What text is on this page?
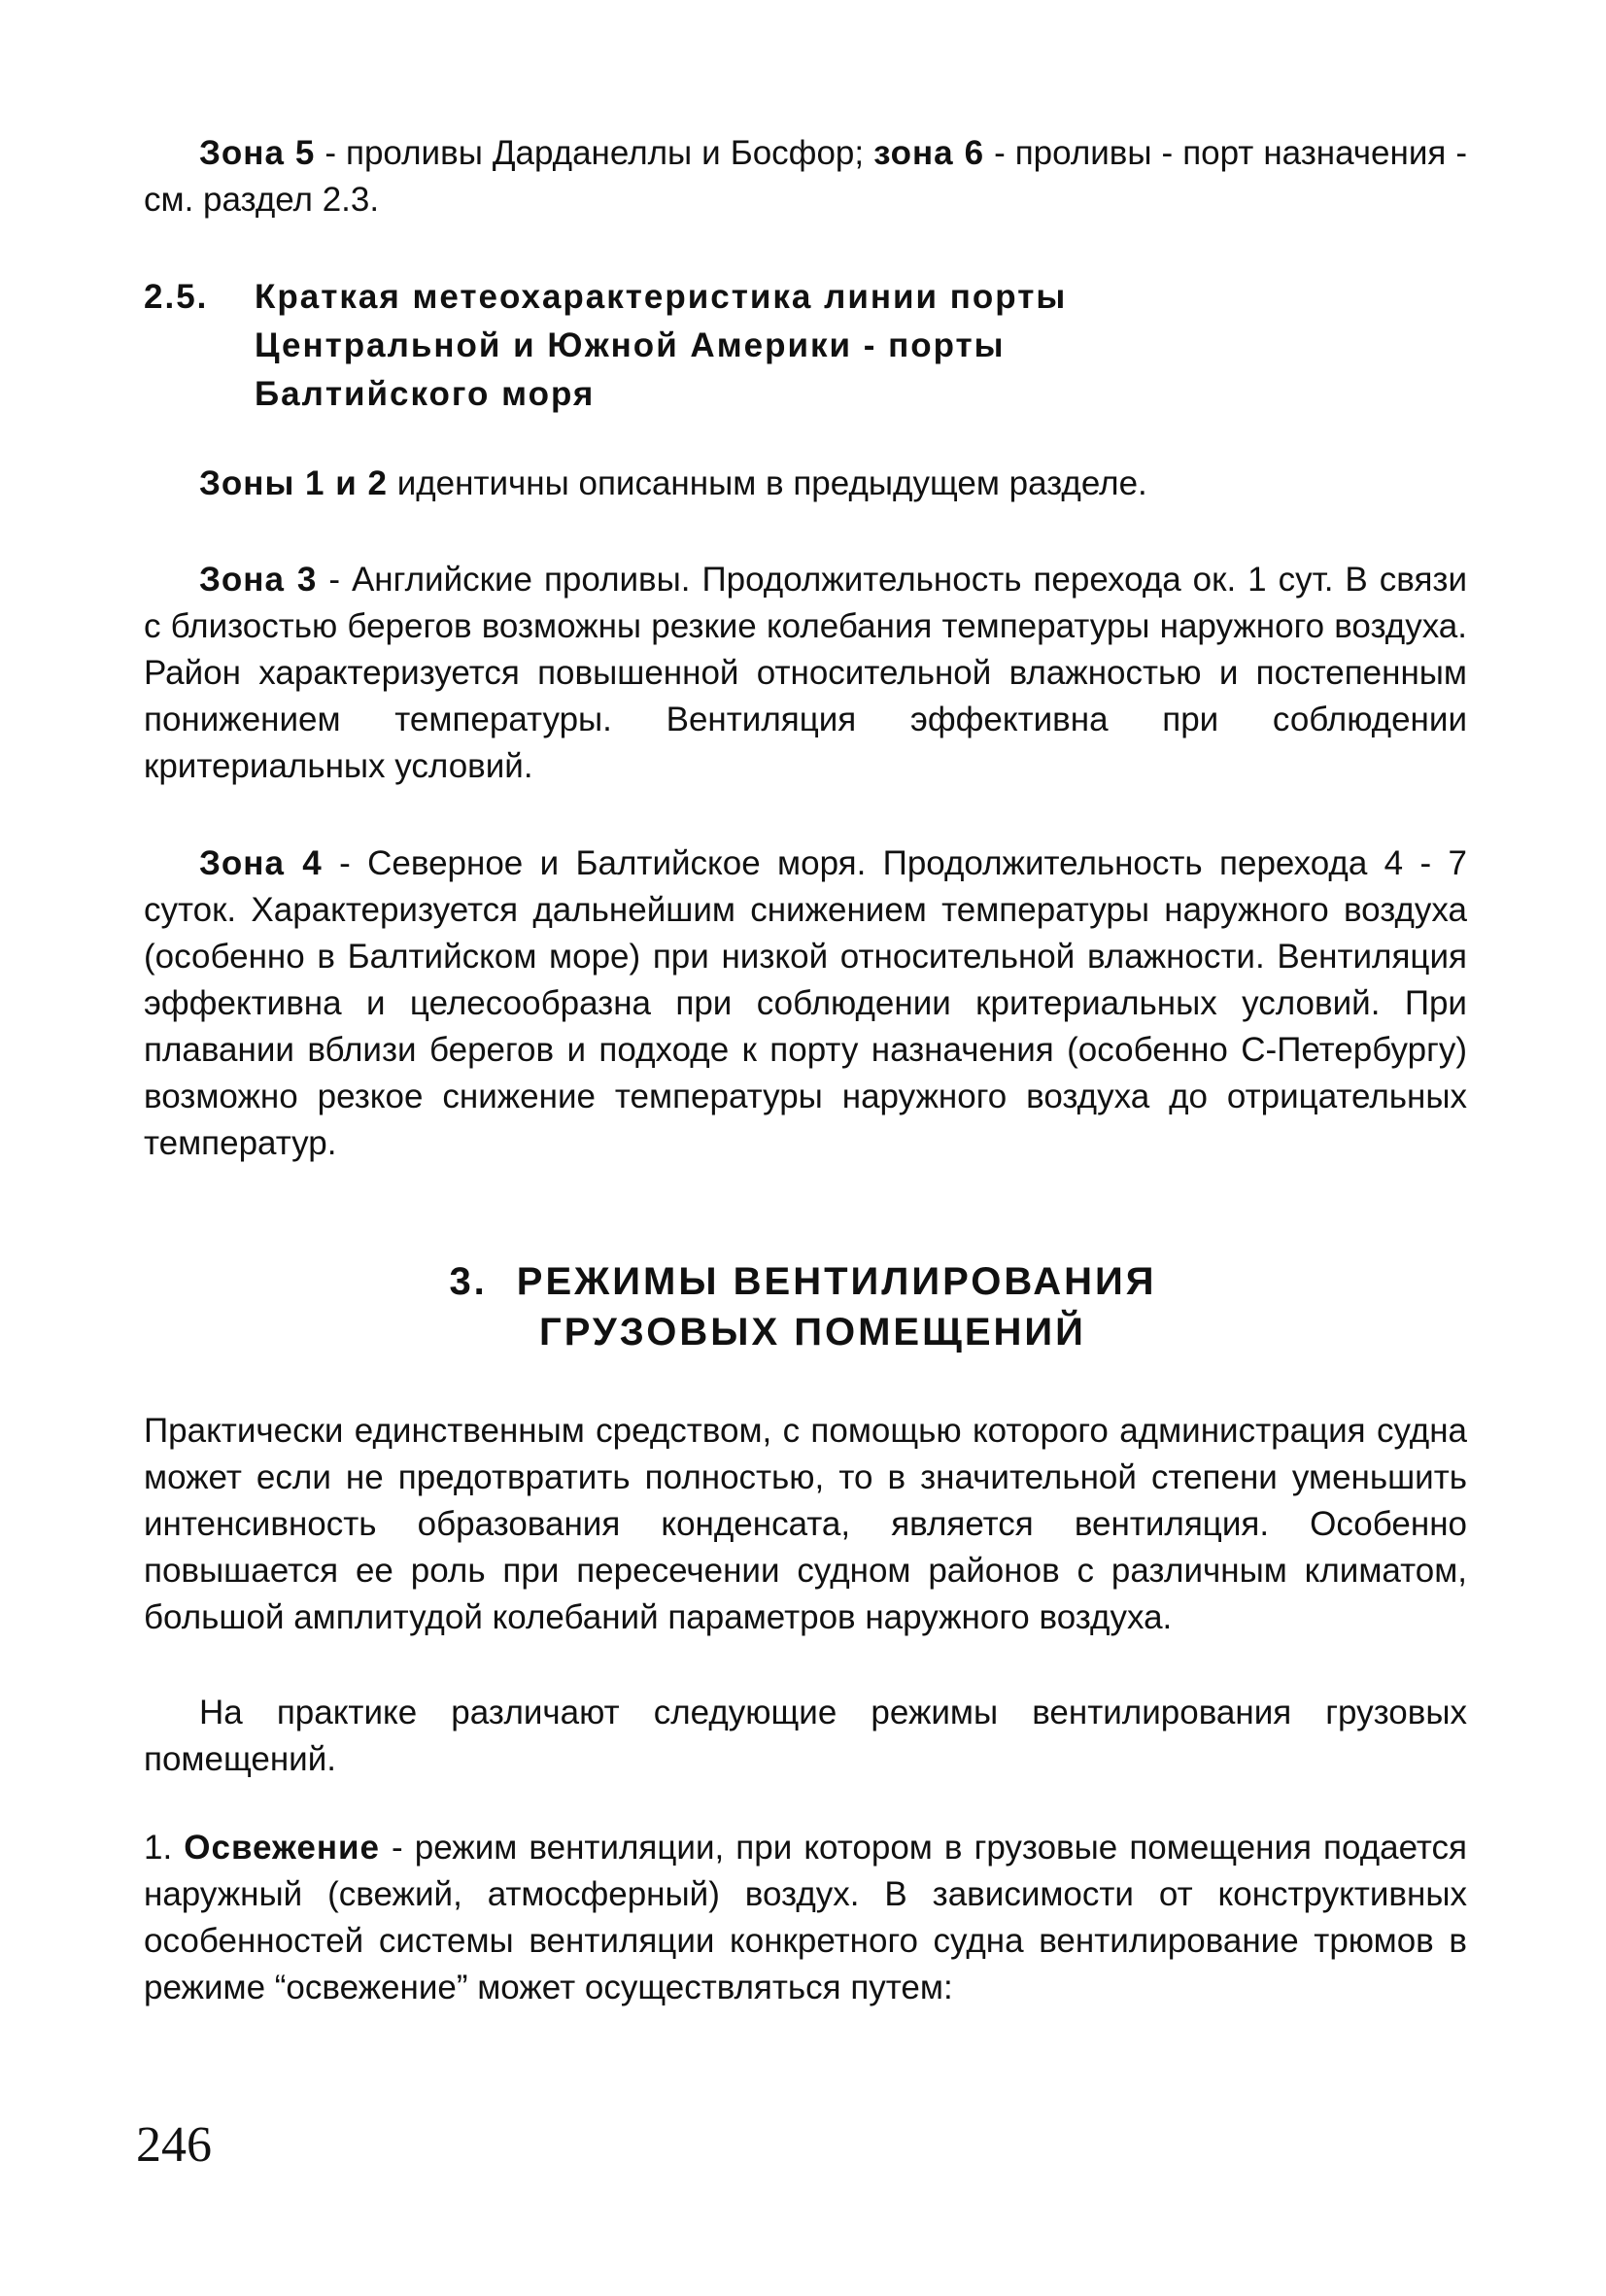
Зона 5 - проливы Дарданеллы и Босфор; зона 6 - проливы - порт назначения - см. раздел 2.3.

2.5. Краткая метеохарактеристика линии порты
Центральной и Южной Америки - порты
Балтийского моря

Зоны 1 и 2 идентичны описанным в предыдущем разделе.

Зона 3 - Английские проливы. Продолжительность перехода ок. 1 сут. В связи с близостью берегов возможны резкие колебания температуры наружного воздуха. Район характеризуется повышенной относительной влажностью и постепенным понижением температуры. Вентиляция эффективна при соблюдении критериальных условий.

Зона 4 - Северное и Балтийское моря. Продолжительность перехода 4 - 7 суток. Характеризуется дальнейшим снижением температуры наружного воздуха (особенно в Балтийском море) при низкой относительной влажности. Вентиляция эффективна и целесообразна при соблюдении критериальных условий. При плавании вблизи берегов и подходе к порту назначения (особенно С-Петербургу) возможно резкое снижение температуры наружного воздуха до отрицательных температур.

3. РЕЖИМЫ ВЕНТИЛИРОВАНИЯ
ГРУЗОВЫХ ПОМЕЩЕНИЙ

Практически единственным средством, с помощью которого администрация судна может если не предотвратить полностью, то в значительной степени уменьшить интенсивность образования конденсата, является вентиляция. Особенно повышается ее роль при пересечении судном районов с различным климатом, большой амплитудой колебаний параметров наружного воздуха.

На практике различают следующие режимы вентилирования грузовых помещений.

1. Освежение - режим вентиляции, при котором в грузовые помещения подается наружный (свежий, атмосферный) воздух. В зависимости от конструктивных особенностей системы вентиляции конкретного судна вентилирование трюмов в режиме “освежение” может осуществляться путем:

246
